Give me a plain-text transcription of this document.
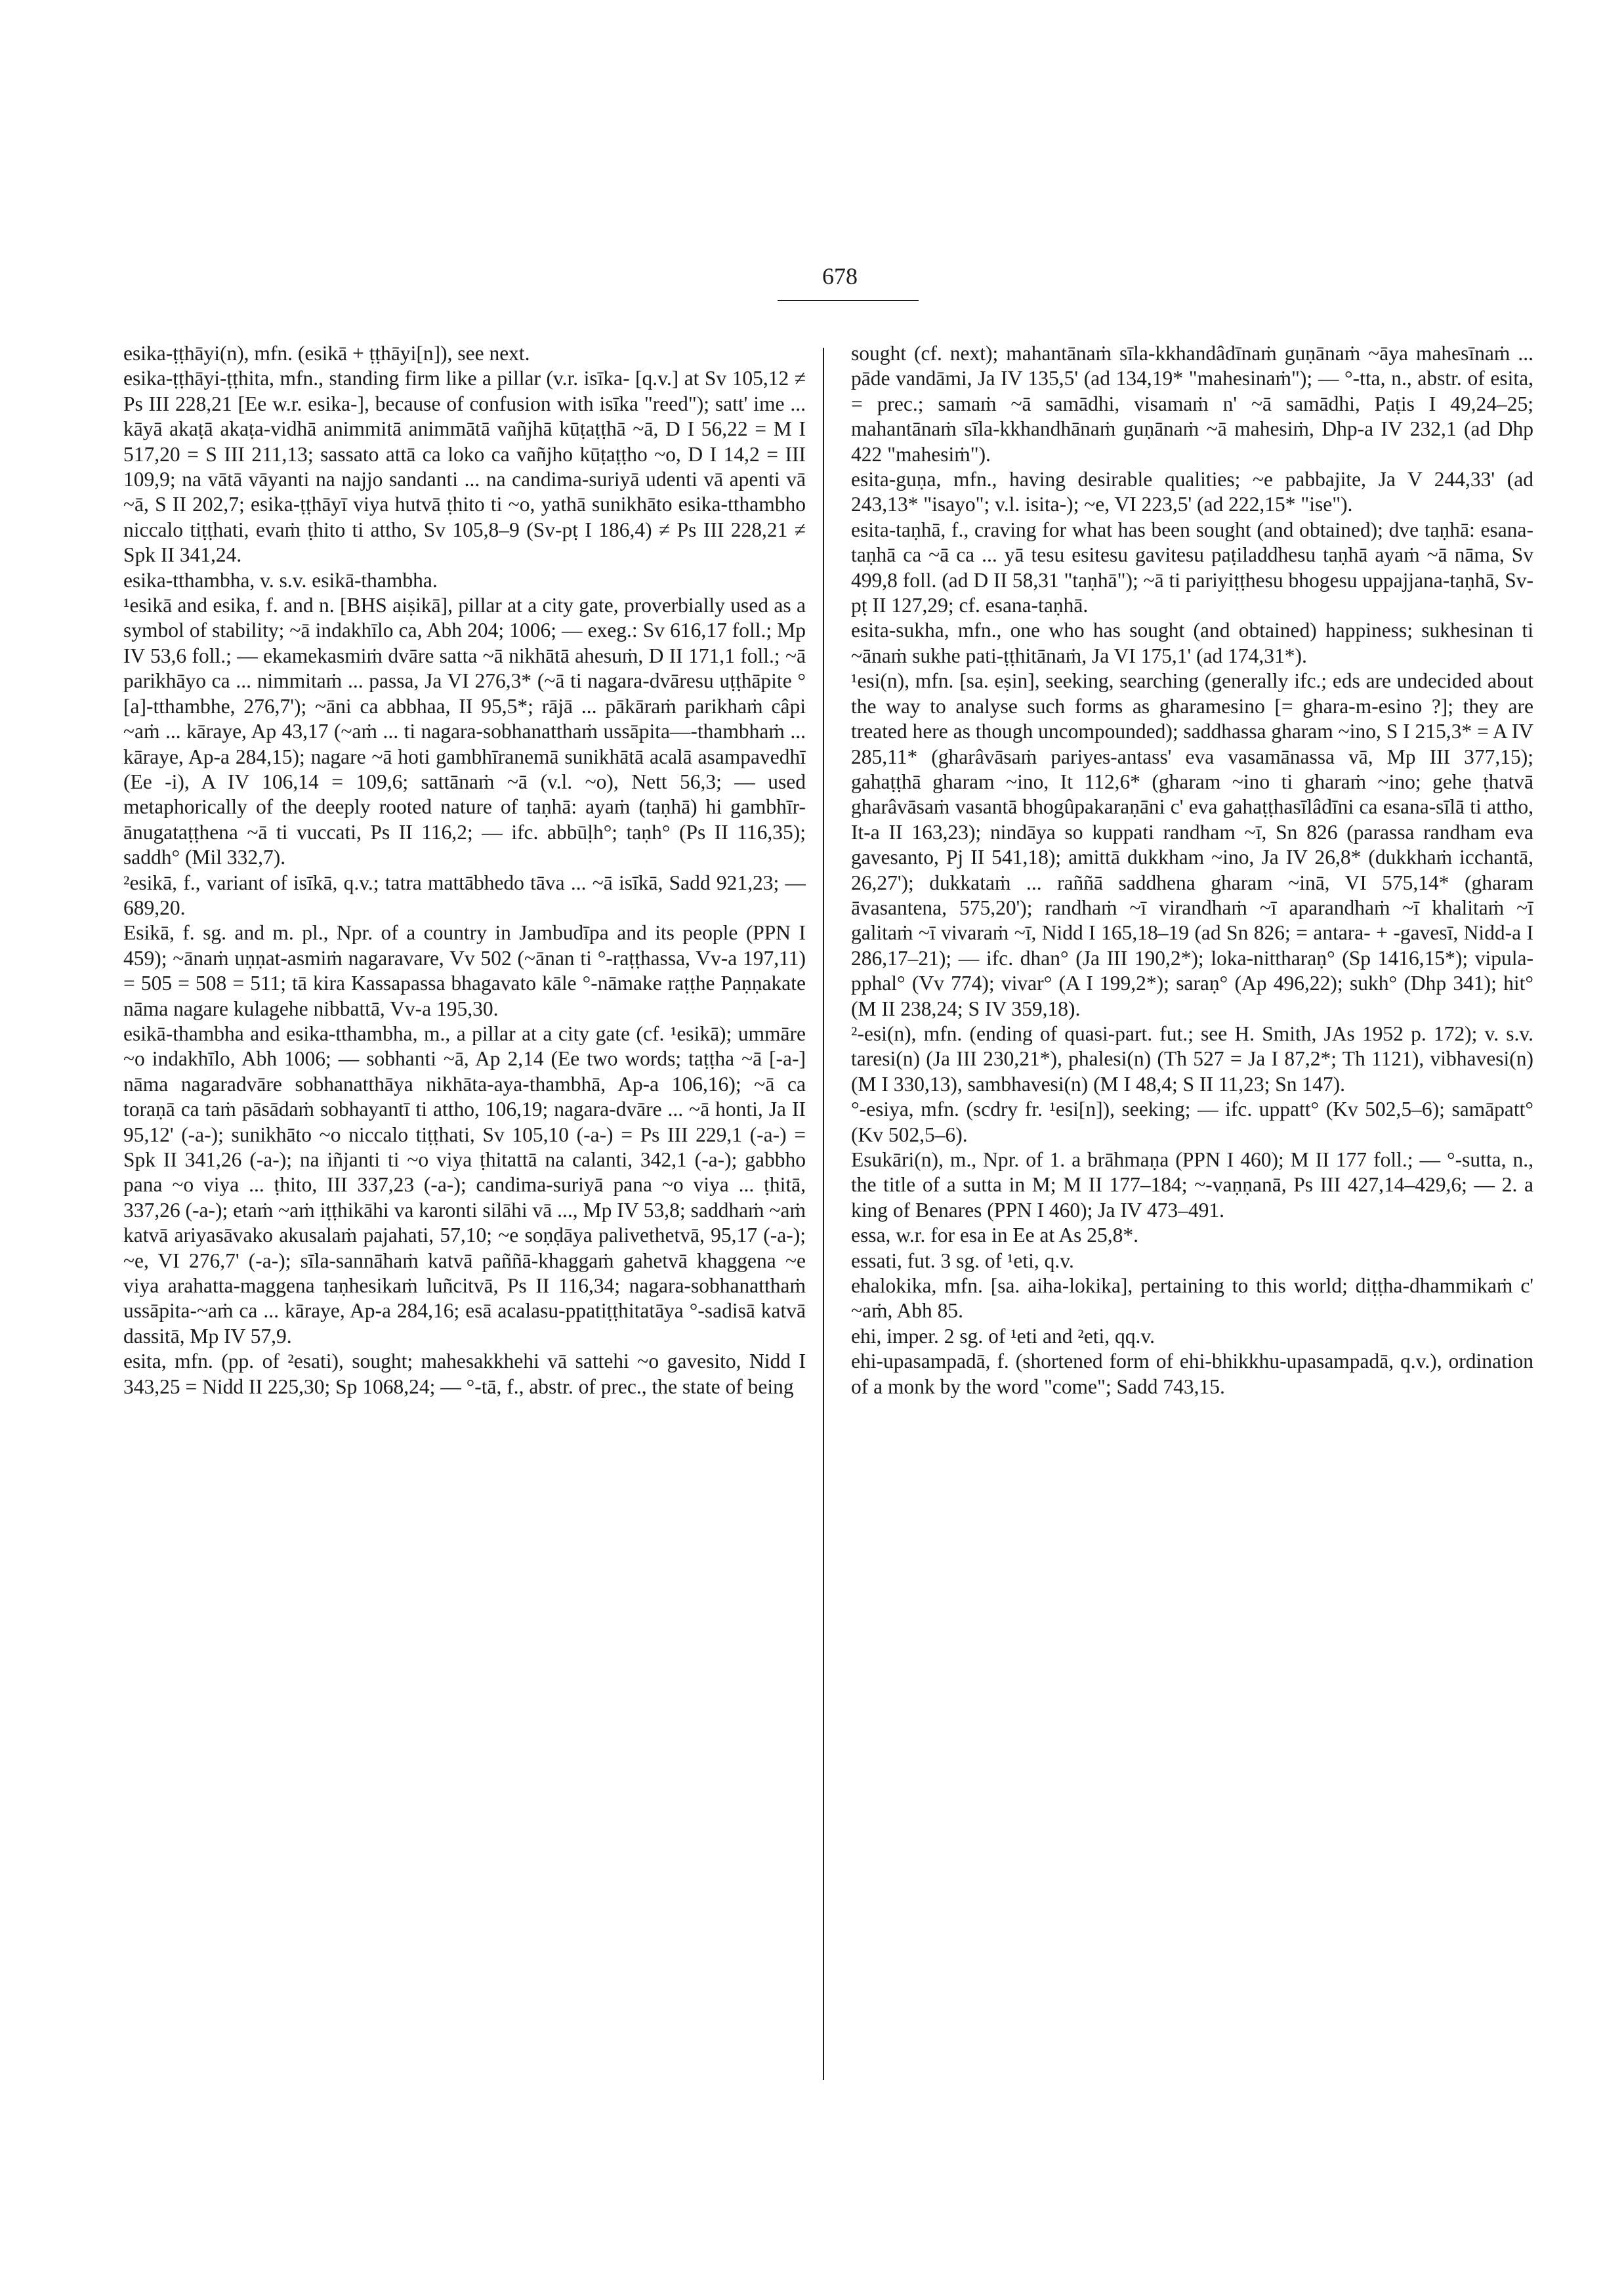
678
esika-ṭṭhāyi(n), mfn. (esikā + ṭṭhāyi[n]), see next.
esika-ṭṭhāyi-ṭṭhita, mfn., standing firm like a pillar (v.r. isīka- [q.v.] at Sv 105,12 ≠ Ps III 228,21 [Ee w.r. esika-], because of confusion with isīka "reed"); satt' ime ... kāyā akaṭā akaṭa-vidhā animmitā animmātā vañjhā kūṭaṭṭhā ~ā, D I 56,22 = M I 517,20 = S III 211,13; sassato attā ca loko ca vañjho kūṭaṭṭho ~o, D I 14,2 = III 109,9; na vātā vāyanti na najjo sandanti ... na candima-suriyā udenti vā apenti vā ~ā, S II 202,7; esika-ṭṭhāyī viya hutvā ṭhito ti ~o, yathā sunikhāto esika-tthambho niccalo tiṭṭhati, evaṁ ṭhito ti attho, Sv 105,8–9 (Sv-pṭ I 186,4) ≠ Ps III 228,21 ≠ Spk II 341,24.
esika-tthambha, v. s.v. esikā-thambha.
¹esikā and esika, f. and n. [BHS aiṣikā], pillar at a city gate, proverbially used as a symbol of stability; ~ā indakhīlo ca, Abh 204; 1006; — exeg.: Sv 616,17 foll.; Mp IV 53,6 foll.; — ekamekasmiṁ dvāre satta ~ā nikhātā ahesuṁ, D II 171,1 foll.; ~ā parikhāyo ca ... nimmitaṁ ... passa, Ja VI 276,3* (~ā ti nagara-dvāresu uṭṭhāpite °[a]-tthambhe, 276,7'); ~āni ca abbhaa, II 95,5*; rājā ... pākāraṁ parikhaṁ câpi ~aṁ ... kāraye, Ap 43,17 (~aṁ ... ti nagara-sobhanatthaṁ ussāpita—-thambhaṁ ... kāraye, Ap-a 284,15); nagare ~ā hoti gambhīranemā sunikhātā acalā asampavedhī (Ee -i), A IV 106,14 = 109,6; sattānaṁ ~ā (v.l. ~o), Nett 56,3; — used metaphorically of the deeply rooted nature of taṇhā: ayaṁ (taṇhā) hi gambhīr-ānugataṭṭhena ~ā ti vuccati, Ps II 116,2; — ifc. abbūḷh°; taṇh° (Ps II 116,35); saddh° (Mil 332,7).
²esikā, f., variant of isīkā, q.v.; tatra mattābhedo tāva ... ~ā isīkā, Sadd 921,23; — 689,20.
Esikā, f. sg. and m. pl., Npr. of a country in Jambudīpa and its people (PPN I 459); ~ānaṁ uṇṇat-asmiṁ nagaravare, Vv 502 (~ānan ti °-raṭṭhassa, Vv-a 197,11) = 505 = 508 = 511; tā kira Kassapassa bhagavato kāle °-nāmake raṭṭhe Paṇṇakate nāma nagare kulagehe nibbattā, Vv-a 195,30.
esikā-thambha and esika-tthambha, m., a pillar at a city gate (cf. ¹esikā); ummāre ~o indakhīlo, Abh 1006; — sobhanti ~ā, Ap 2,14 (Ee two words; taṭṭha ~ā [-a-] nāma nagaradvāre sobhanatthāya nikhāta-aya-thambhā, Ap-a 106,16); ~ā ca toraṇā ca taṁ pāsādaṁ sobhayantī ti attho, 106,19; nagara-dvāre ... ~ā honti, Ja II 95,12' (-a-); sunikhāto ~o niccalo tiṭṭhati, Sv 105,10 (-a-) = Ps III 229,1 (-a-) = Spk II 341,26 (-a-); na iñjanti ti ~o viya ṭhitattā na calanti, 342,1 (-a-); gabbho pana ~o viya ... ṭhito, III 337,23 (-a-); candima-suriyā pana ~o viya ... ṭhitā, 337,26 (-a-); etaṁ ~aṁ iṭṭhikāhi va karonti silāhi vā ..., Mp IV 53,8; saddhaṁ ~aṁ katvā ariyasāvako akusalaṁ pajahati, 57,10; ~e soṇḍāya palivethetvā, 95,17 (-a-); ~e, VI 276,7' (-a-); sīla-sannāhaṁ katvā paññā-khaggaṁ gahetvā khaggena ~e viya arahatta-maggena taṇhesikaṁ luñcitvā, Ps II 116,34; nagara-sobhanatthaṁ ussāpita-~aṁ ca ... kāraye, Ap-a 284,16; esā acalasu-ppatiṭṭhitatāya °-sadisā katvā dassitā, Mp IV 57,9.
esita, mfn. (pp. of ²esati), sought; mahesakkhehi vā sattehi ~o gavesito, Nidd I 343,25 = Nidd II 225,30; Sp 1068,24; — °-tā, f., abstr. of prec., the state of being
sought (cf. next); mahantānaṁ sīla-kkhandâdīnaṁ guṇānaṁ ~āya mahesīnaṁ ... pāde vandāmi, Ja IV 135,5' (ad 134,19* "mahesinaṁ"); — °-tta, n., abstr. of esita, = prec.; samaṁ ~ā samādhi, visamaṁ n' ~ā samādhi, Paṭis I 49,24–25; mahantānaṁ sīla-kkhandhānaṁ guṇānaṁ ~ā mahesiṁ, Dhp-a IV 232,1 (ad Dhp 422 "mahesiṁ").
esita-guṇa, mfn., having desirable qualities; ~e pabbajite, Ja V 244,33' (ad 243,13* "isayo"; v.l. isita-); ~e, VI 223,5' (ad 222,15* "ise").
esita-taṇhā, f., craving for what has been sought (and obtained); dve taṇhā: esana-taṇhā ca ~ā ca ... yā tesu esitesu gavitesu paṭiladdhesu taṇhā ayaṁ ~ā nāma, Sv 499,8 foll. (ad D II 58,31 "taṇhā"); ~ā ti pariyiṭṭhesu bhogesu uppajjana-taṇhā, Sv-pṭ II 127,29; cf. esana-taṇhā.
esita-sukha, mfn., one who has sought (and obtained) happiness; sukhesinan ti ~ānaṁ sukhe pati-ṭṭhitānaṁ, Ja VI 175,1' (ad 174,31*).
¹esi(n), mfn. [sa. eṣin], seeking, searching (generally ifc.; eds are undecided about the way to analyse such forms as gharamesino [= ghara-m-esino ?]; they are treated here as though uncompounded); saddhassa gharam ~ino, S I 215,3* = A IV 285,11* (gharâvāsaṁ pariyes-antass' eva vasamānassa vā, Mp III 377,15); gahaṭṭhā gharam ~ino, It 112,6* (gharam ~ino ti gharaṁ ~ino; gehe ṭhatvā gharâvāsaṁ vasantā bhogûpakaraṇāni c' eva gahaṭṭhasīlâdīni ca esana-sīlā ti attho, It-a II 163,23); nindāya so kuppati randham ~ī, Sn 826 (parassa randham eva gavesanto, Pj II 541,18); amittā dukkham ~ino, Ja IV 26,8* (dukkhaṁ icchantā, 26,27'); dukkataṁ ... raññā saddhena gharam ~inā, VI 575,14* (gharam āvasantena, 575,20'); randhaṁ ~ī virandhaṁ ~ī aparandhaṁ ~ī khalitaṁ ~ī galitaṁ ~ī vivaraṁ ~ī, Nidd I 165,18–19 (ad Sn 826; = antara- + -gavesī, Nidd-a I 286,17–21); — ifc. dhan° (Ja III 190,2*); loka-nittharaṇ° (Sp 1416,15*); vipula-pphal° (Vv 774); vivar° (A I 199,2*); saraṇ° (Ap 496,22); sukh° (Dhp 341); hit° (M II 238,24; S IV 359,18).
²-esi(n), mfn. (ending of quasi-part. fut.; see H. Smith, JAs 1952 p. 172); v. s.v. taresi(n) (Ja III 230,21*), phalesi(n) (Th 527 = Ja I 87,2*; Th 1121), vibhavesi(n) (M I 330,13), sambhavesi(n) (M I 48,4; S II 11,23; Sn 147).
°-esiya, mfn. (scdry fr. ¹esi[n]), seeking; — ifc. uppatt° (Kv 502,5–6); samāpatt° (Kv 502,5–6).
Esukāri(n), m., Npr. of 1. a brāhmaṇa (PPN I 460); M II 177 foll.; — °-sutta, n., the title of a sutta in M; M II 177–184; ~-vaṇṇanā, Ps III 427,14–429,6; — 2. a king of Benares (PPN I 460); Ja IV 473–491.
essa, w.r. for esa in Ee at As 25,8*.
essati, fut. 3 sg. of ¹eti, q.v.
ehalokika, mfn. [sa. aiha-lokika], pertaining to this world; diṭṭha-dhammikaṁ c' ~aṁ, Abh 85.
ehi, imper. 2 sg. of ¹eti and ²eti, qq.v.
ehi-upasampadā, f. (shortened form of ehi-bhikkhu-upasampadā, q.v.), ordination of a monk by the word "come"; Sadd 743,15.
